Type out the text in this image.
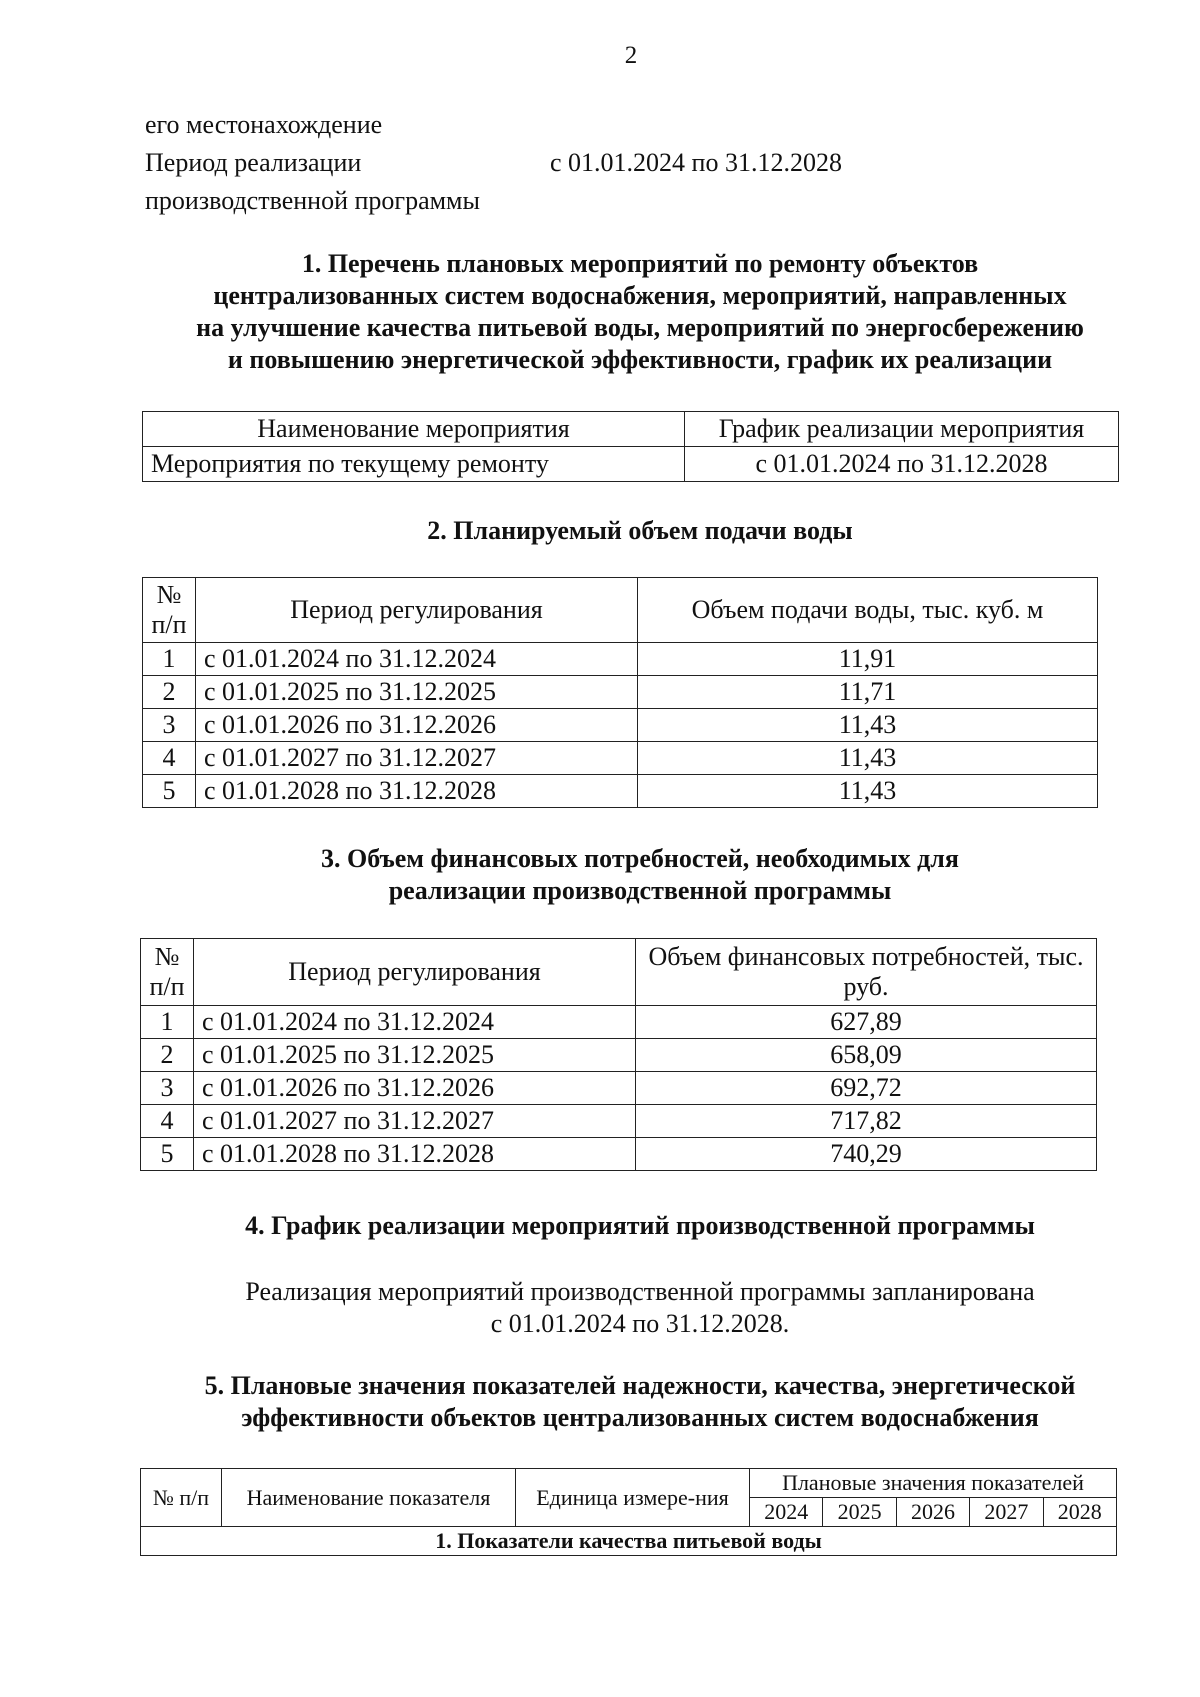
2
его местонахождение
Период реализации	с 01.01.2024 по 31.12.2028
производственной программы
1. Перечень плановых мероприятий по ремонту объектов
централизованных систем водоснабжения, мероприятий, направленных
на улучшение качества питьевой воды, мероприятий по энергосбережению
и повышению энергетической эффективности, график их реализации
Наименование мероприятия	График реализации мероприятия
Мероприятия по текущему ремонту	с 01.01.2024 по 31.12.2028
2. Планируемый объем подачи воды
№ п/п	Период регулирования	Объем подачи воды, тыс. куб. м
1	с 01.01.2024 по 31.12.2024	11,91
2	с 01.01.2025 по 31.12.2025	11,71
3	с 01.01.2026 по 31.12.2026	11,43
4	с 01.01.2027 по 31.12.2027	11,43
5	с 01.01.2028 по 31.12.2028	11,43
3. Объем финансовых потребностей, необходимых для
реализации производственной программы
№ п/п	Период регулирования	Объем финансовых потребностей, тыс. руб.
1	с 01.01.2024 по 31.12.2024	627,89
2	с 01.01.2025 по 31.12.2025	658,09
3	с 01.01.2026 по 31.12.2026	692,72
4	с 01.01.2027 по 31.12.2027	717,82
5	с 01.01.2028 по 31.12.2028	740,29
4. График реализации мероприятий производственной программы

Реализация мероприятий производственной программы запланирована
с 01.01.2024 по 31.12.2028.

5. Плановые значения показателей надежности, качества, энергетической
эффективности объектов централизованных систем водоснабжения
№ п/п	Наименование показателя	Единица измере-ния	Плановые значения показателей				
			2024	2025	2026	2027	2028
1. Показатели качества питьевой воды							
